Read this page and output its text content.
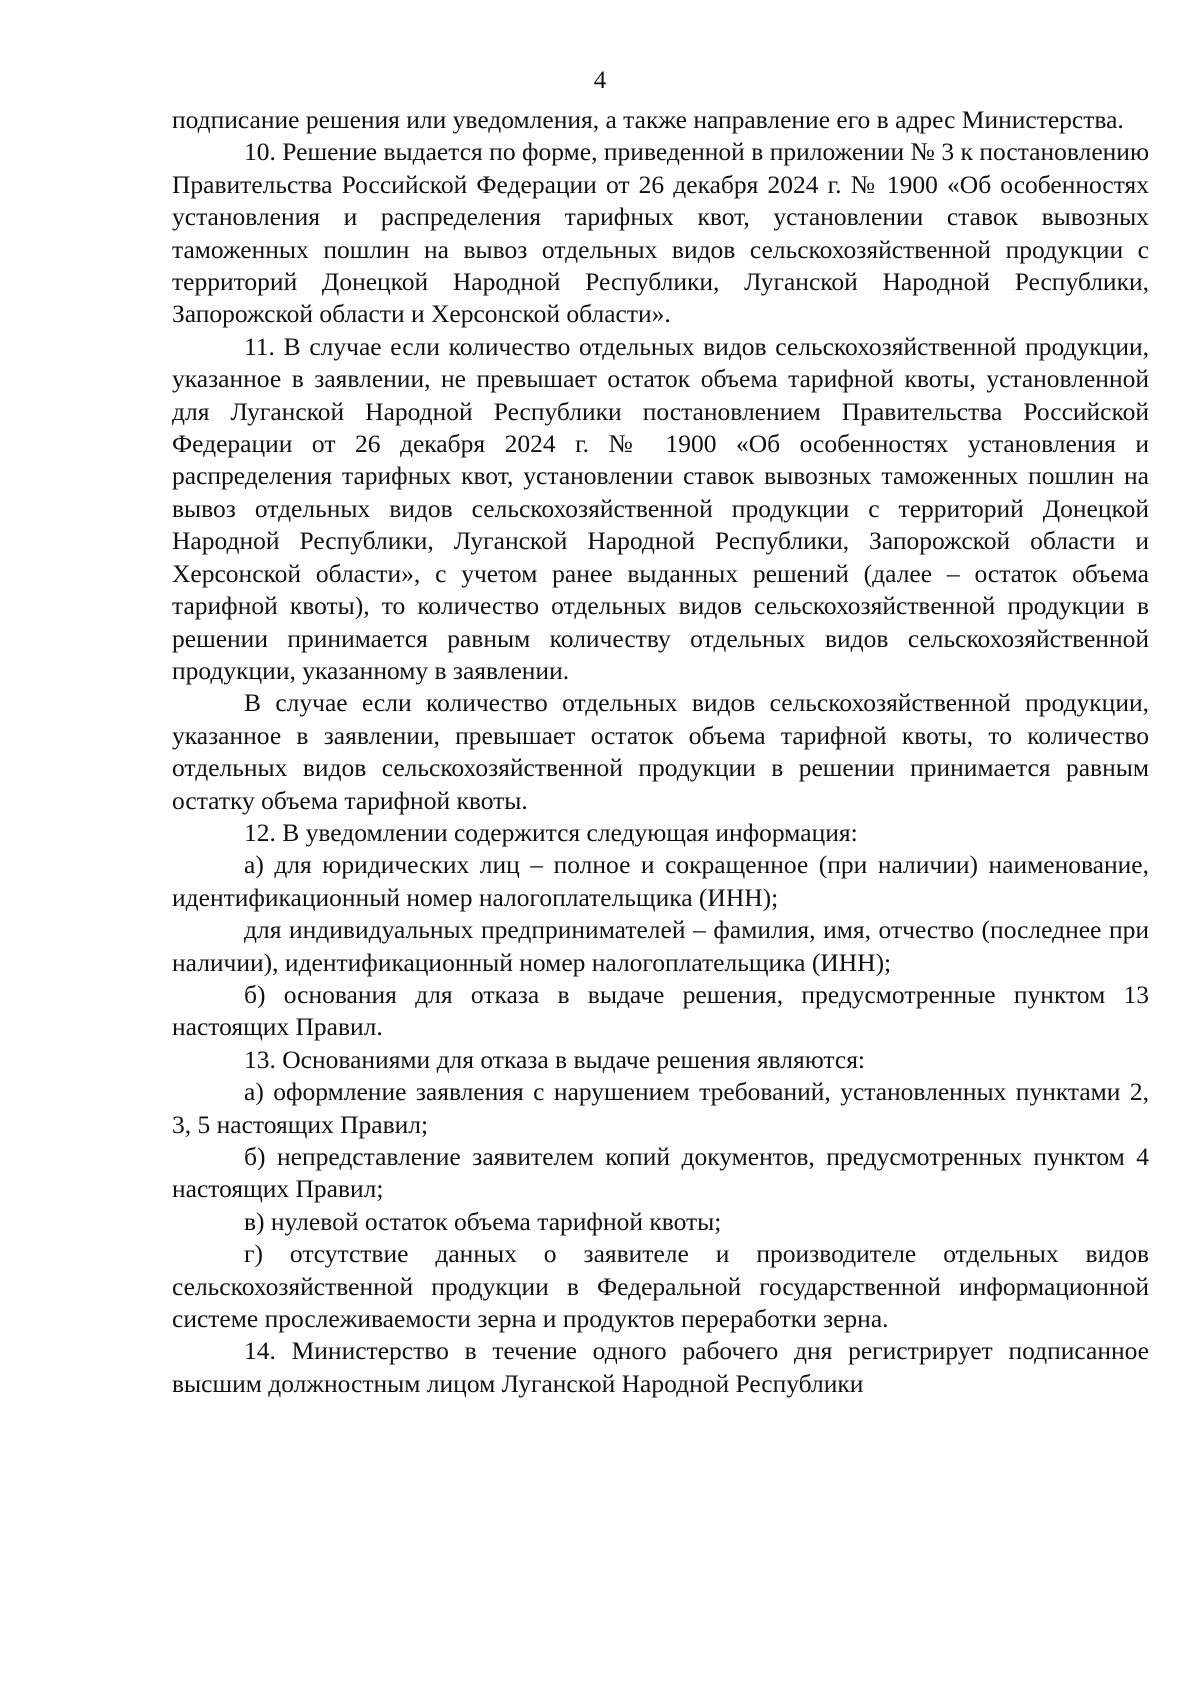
4

подписание решения или уведомления, а также направление его в адрес Министерства.

10. Решение выдается по форме, приведенной в приложении № 3 к постановлению Правительства Российской Федерации от 26 декабря 2024 г. № 1900 «Об особенностях установления и распределения тарифных квот, установлении ставок вывозных таможенных пошлин на вывоз отдельных видов сельскохозяйственной продукции с территорий Донецкой Народной Республики, Луганской Народной Республики, Запорожской области и Херсонской области».

11. В случае если количество отдельных видов сельскохозяйственной продукции, указанное в заявлении, не превышает остаток объема тарифной квоты, установленной для Луганской Народной Республики постановлением Правительства Российской Федерации от 26 декабря 2024 г. № 1900 «Об особенностях установления и распределения тарифных квот, установлении ставок вывозных таможенных пошлин на вывоз отдельных видов сельскохозяйственной продукции с территорий Донецкой Народной Республики, Луганской Народной Республики, Запорожской области и Херсонской области», с учетом ранее выданных решений (далее – остаток объема тарифной квоты), то количество отдельных видов сельскохозяйственной продукции в решении принимается равным количеству отдельных видов сельскохозяйственной продукции, указанному в заявлении.

В случае если количество отдельных видов сельскохозяйственной продукции, указанное в заявлении, превышает остаток объема тарифной квоты, то количество отдельных видов сельскохозяйственной продукции в решении принимается равным остатку объема тарифной квоты.

12. В уведомлении содержится следующая информация:

а) для юридических лиц – полное и сокращенное (при наличии) наименование, идентификационный номер налогоплательщика (ИНН);

для индивидуальных предпринимателей – фамилия, имя, отчество (последнее при наличии), идентификационный номер налогоплательщика (ИНН);

б) основания для отказа в выдаче решения, предусмотренные пунктом 13 настоящих Правил.

13. Основаниями для отказа в выдаче решения являются:

а) оформление заявления с нарушением требований, установленных пунктами 2, 3, 5 настоящих Правил;

б) непредставление заявителем копий документов, предусмотренных пунктом 4 настоящих Правил;

в) нулевой остаток объема тарифной квоты;

г) отсутствие данных о заявителе и производителе отдельных видов сельскохозяйственной продукции в Федеральной государственной информационной системе прослеживаемости зерна и продуктов переработки зерна.

14. Министерство в течение одного рабочего дня регистрирует подписанное высшим должностным лицом Луганской Народной Республики
